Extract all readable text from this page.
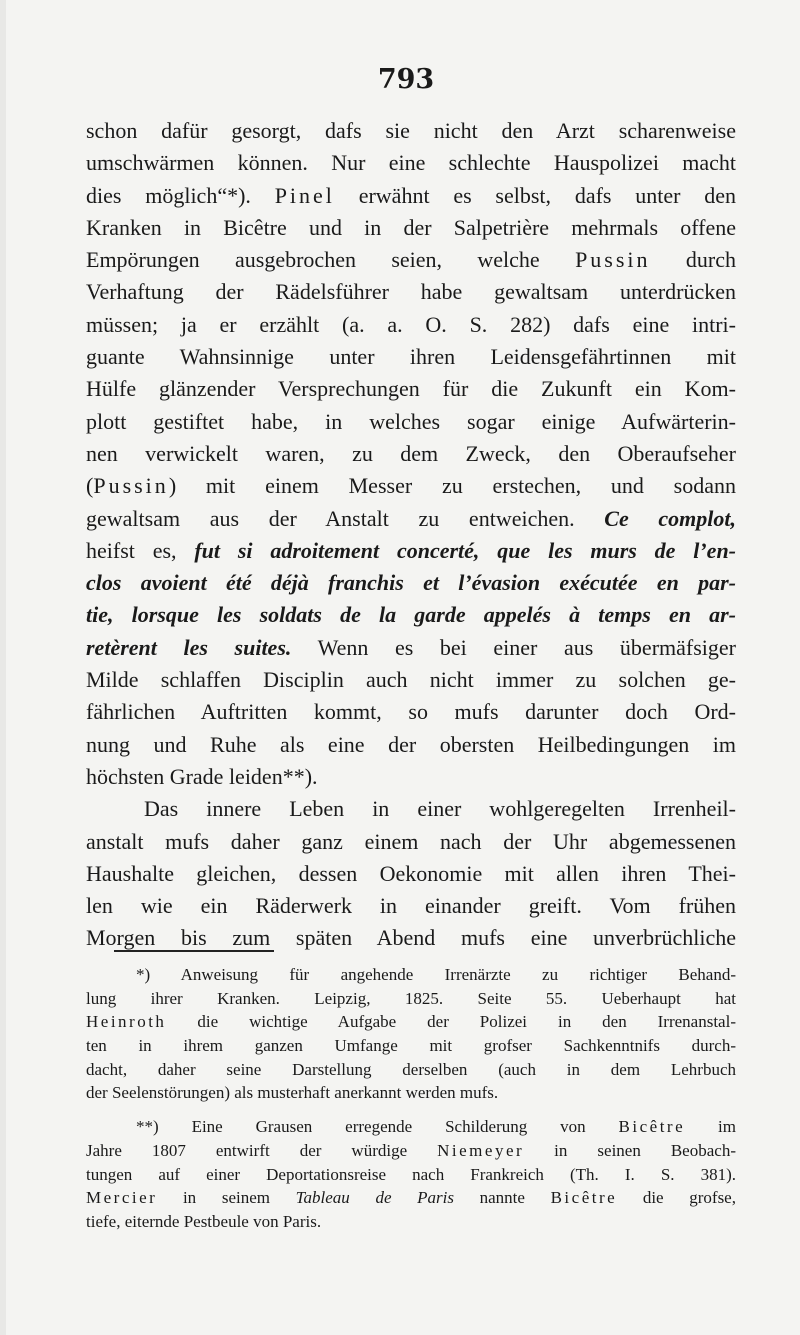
793
schon dafür gesorgt, dafs sie nicht den Arzt scharenweise
umschwärmen können. Nur eine schlechte Hauspolizei macht
dies möglich“*). Pinel erwähnt es selbst, dafs unter den
Kranken in Bicêtre und in der Salpetrière mehrmals offene
Empörungen ausgebrochen seien, welche Pussin durch
Verhaftung der Rädelsführer habe gewaltsam unterdrücken
müssen; ja er erzählt (a. a. O. S. 282) dafs eine intri-
guante Wahnsinnige unter ihren Leidensgefährtinnen mit
Hülfe glänzender Versprechungen für die Zukunft ein Kom-
plott gestiftet habe, in welches sogar einige Aufwärterin-
nen verwickelt waren, zu dem Zweck, den Oberaufseher
(Pussin) mit einem Messer zu erstechen, und sodann
gewaltsam aus der Anstalt zu entweichen. Ce complot,
heifst es, fut si adroitement concerté, que les murs de l’en-
clos avoient été déjà franchis et l’évasion exécutée en par-
tie, lorsque les soldats de la garde appelés à temps en ar-
retèrent les suites. Wenn es bei einer aus übermäfsiger
Milde schlaffen Disciplin auch nicht immer zu solchen ge-
fährlichen Auftritten kommt, so mufs darunter doch Ord-
nung und Ruhe als eine der obersten Heilbedingungen im
höchsten Grade leiden**).
Das innere Leben in einer wohlgeregelten Irrenheil-
anstalt mufs daher ganz einem nach der Uhr abgemessenen
Haushalte gleichen, dessen Oekonomie mit allen ihren Thei-
len wie ein Räderwerk in einander greift. Vom frühen
Morgen bis zum späten Abend mufs eine unverbrüchliche
*) Anweisung für angehende Irrenärzte zu richtiger Behand-
lung ihrer Kranken. Leipzig, 1825. Seite 55. Ueberhaupt hat
Heinroth die wichtige Aufgabe der Polizei in den Irrenanstal-
ten in ihrem ganzen Umfange mit grofser Sachkenntnifs durch-
dacht, daher seine Darstellung derselben (auch in dem Lehrbuch
der Seelenstörungen) als musterhaft anerkannt werden mufs.
**) Eine Grausen erregende Schilderung von Bicêtre im
Jahre 1807 entwirft der würdige Niemeyer in seinen Beobach-
tungen auf einer Deportationsreise nach Frankreich (Th. I. S. 381).
Mercier in seinem Tableau de Paris nannte Bicêtre die grofse,
tiefe, eiternde Pestbeule von Paris.
